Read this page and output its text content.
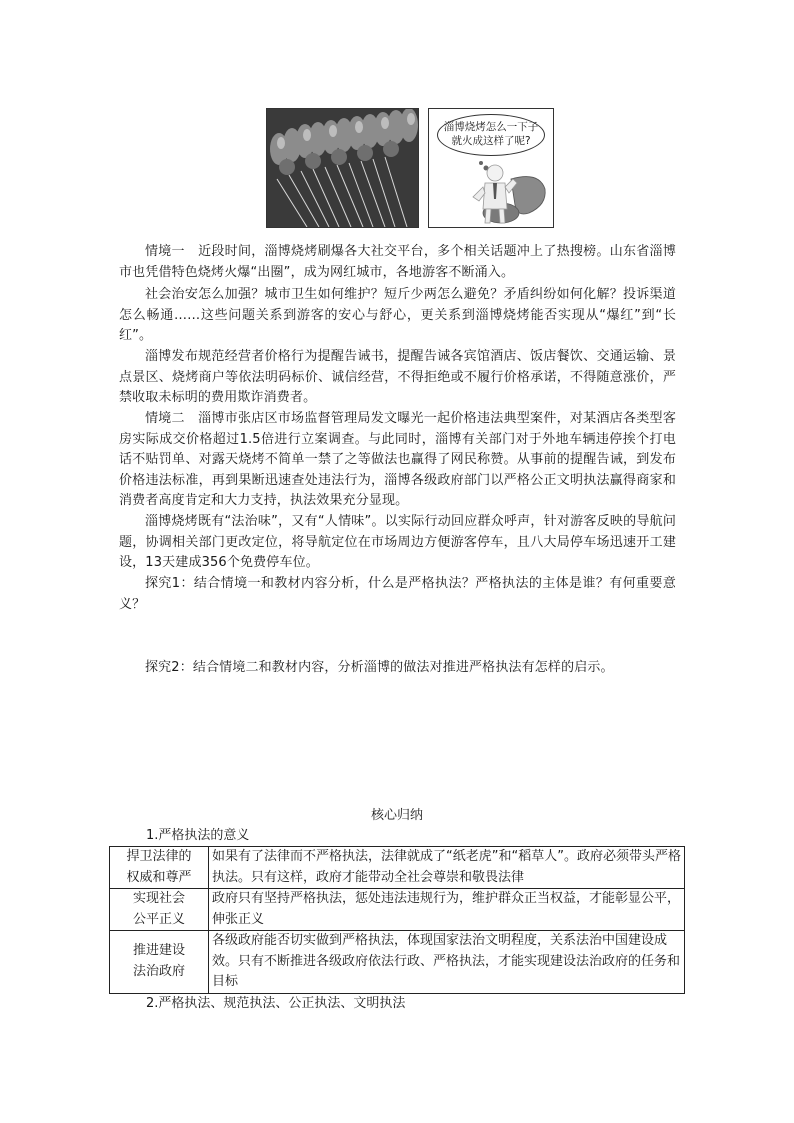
淄博烧烤怎么一下子
就火成这样了呢?

情境一　近段时间，淄博烧烤刷爆各大社交平台，多个相关话题冲上了热搜榜。山东省淄博市也凭借特色烧烤火爆“出圈”，成为网红城市，各地游客不断涌入。

社会治安怎么加强？城市卫生如何维护？短斤少两怎么避免？矛盾纠纷如何化解？投诉渠道怎么畅通……这些问题关系到游客的安心与舒心，更关系到淄博烧烤能否实现从“爆红”到“长红”。

淄博发布规范经营者价格行为提醒告诫书，提醒告诫各宾馆酒店、饭店餐饮、交通运输、景点景区、烧烤商户等依法明码标价、诚信经营，不得拒绝或不履行价格承诺，不得随意涨价，严禁收取未标明的费用欺诈消费者。

情境二　淄博市张店区市场监督管理局发文曝光一起价格违法典型案件，对某酒店各类型客房实际成交价格超过1.5倍进行立案调查。与此同时，淄博有关部门对于外地车辆违停挨个打电话不贴罚单、对露天烧烤不简单一禁了之等做法也赢得了网民称赞。从事前的提醒告诫，到发布价格违法标准，再到果断迅速查处违法行为，淄博各级政府部门以严格公正文明执法赢得商家和消费者高度肯定和大力支持，执法效果充分显现。

淄博烧烤既有“法治味”，又有“人情味”。以实际行动回应群众呼声，针对游客反映的导航问题，协调相关部门更改定位，将导航定位在市场周边方便游客停车，且八大局停车场迅速开工建设，13天建成356个免费停车位。

探究1：结合情境一和教材内容分析，什么是严格执法？严格执法的主体是谁？有何重要意义？

探究2：结合情境二和教材内容，分析淄博的做法对推进严格执法有怎样的启示。

核心归纳

1.严格执法的意义

捍卫法律的
权威和尊严	如果有了法律而不严格执法，法律就成了“纸老虎”和“稻草人”。政府必须带头严格执法。只有这样，政府才能带动全社会尊崇和敬畏法律
实现社会
公平正义	政府只有坚持严格执法，惩处违法违规行为，维护群众正当权益，才能彰显公平，伸张正义
推进建设
法治政府	各级政府能否切实做到严格执法，体现国家法治文明程度，关系法治中国建设成效。只有不断推进各级政府依法行政、严格执法，才能实现建设法治政府的任务和目标

2.严格执法、规范执法、公正执法、文明执法
